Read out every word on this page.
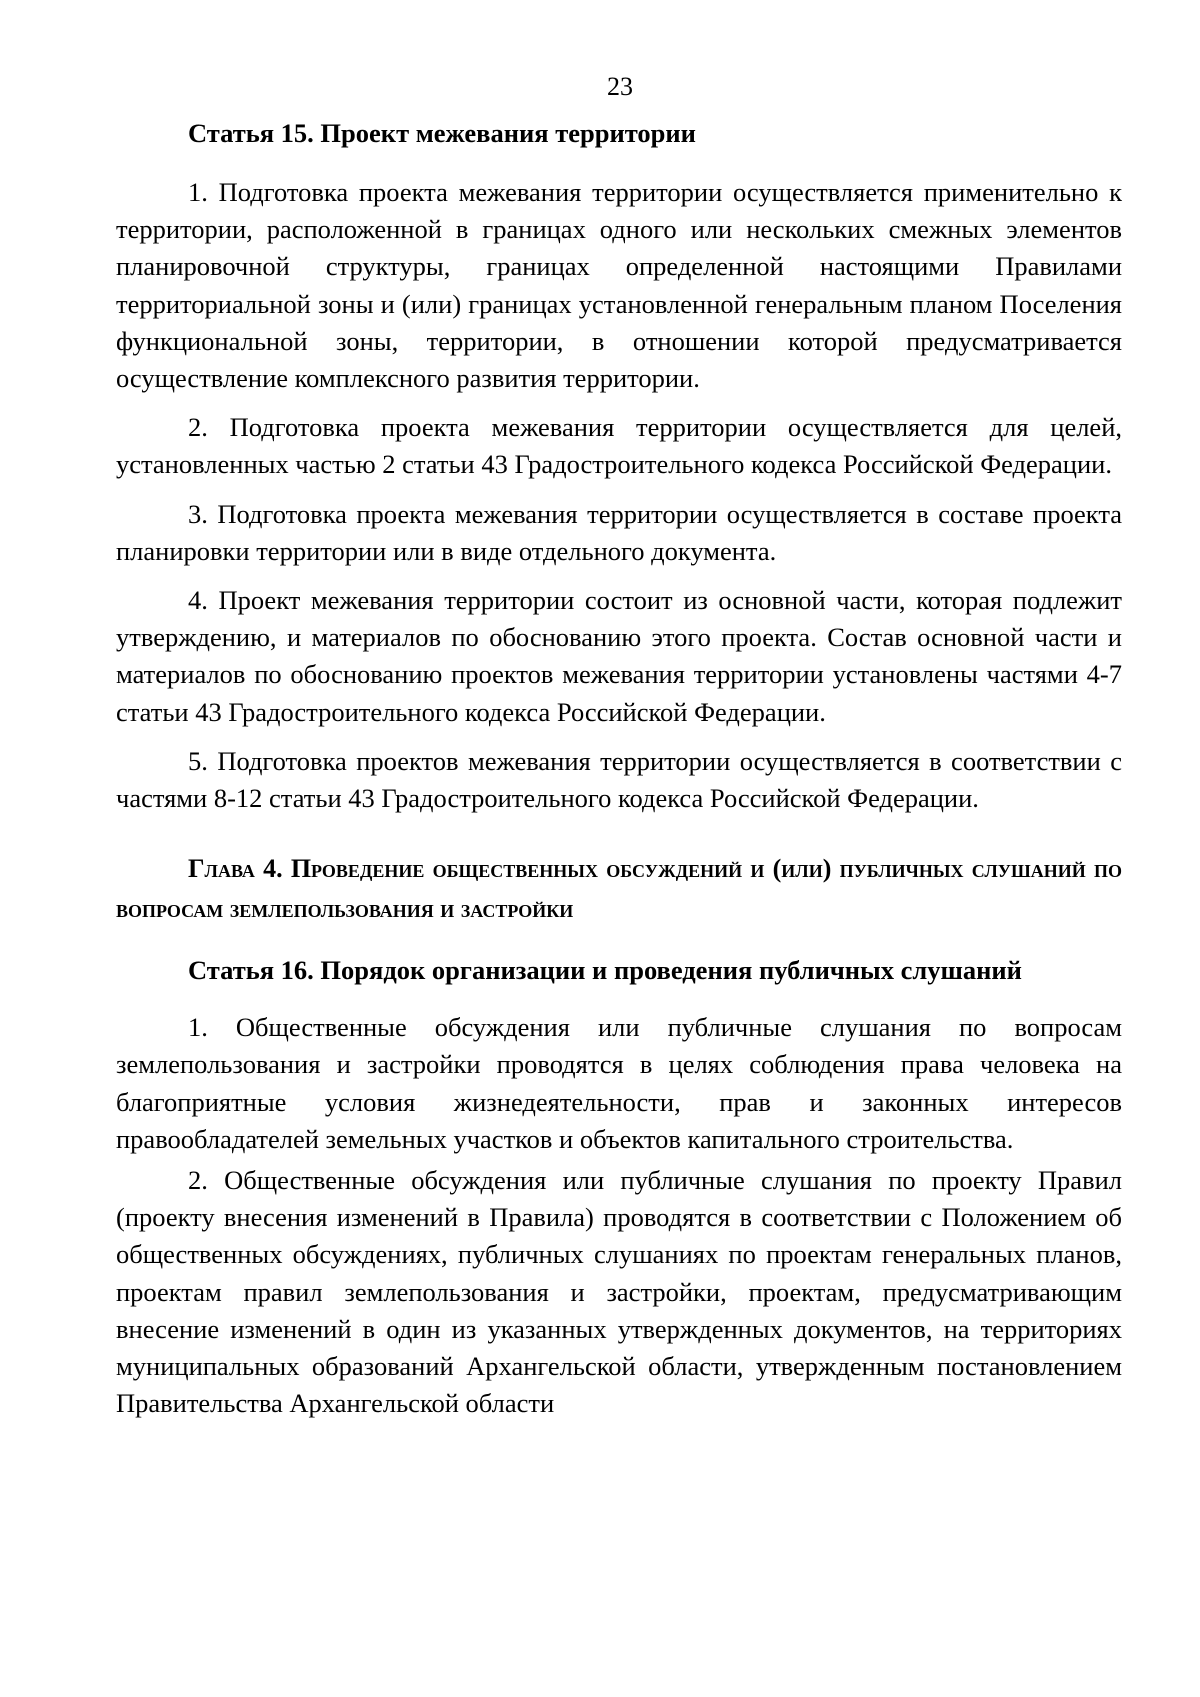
23
Статья 15. Проект межевания территории

1. Подготовка проекта межевания территории осуществляется применительно к территории, расположенной в границах одного или нескольких смежных элементов планировочной структуры, границах определенной настоящими Правилами территориальной зоны и (или) границах установленной генеральным планом Поселения функциональной зоны, территории, в отношении которой предусматривается осуществление комплексного развития территории.

2. Подготовка проекта межевания территории осуществляется для целей, установленных частью 2 статьи 43 Градостроительного кодекса Российской Федерации.

3. Подготовка проекта межевания территории осуществляется в составе проекта планировки территории или в виде отдельного документа.

4. Проект межевания территории состоит из основной части, которая подлежит утверждению, и материалов по обоснованию этого проекта. Состав основной части и материалов по обоснованию проектов межевания территории установлены частями 4-7 статьи 43 Градостроительного кодекса Российской Федерации.

5. Подготовка проектов межевания территории осуществляется в соответствии с частями 8-12 статьи 43 Градостроительного кодекса Российской Федерации.

Глава 4. Проведение общественных обсуждений и (или) публичных слушаний по вопросам землепользования и застройки
Статья 16. Порядок организации и проведения публичных слушаний

1. Общественные обсуждения или публичные слушания по вопросам землепользования и застройки проводятся в целях соблюдения права человека на благоприятные условия жизнедеятельности, прав и законных интересов правообладателей земельных участков и объектов капитального строительства.

2. Общественные обсуждения или публичные слушания по проекту Правил (проекту внесения изменений в Правила) проводятся в соответствии с Положением об общественных обсуждениях, публичных слушаниях по проектам генеральных планов, проектам правил землепользования и застройки, проектам, предусматривающим внесение изменений в один из указанных утвержденных документов, на территориях муниципальных образований Архангельской области, утвержденным постановлением Правительства Архангельской области
